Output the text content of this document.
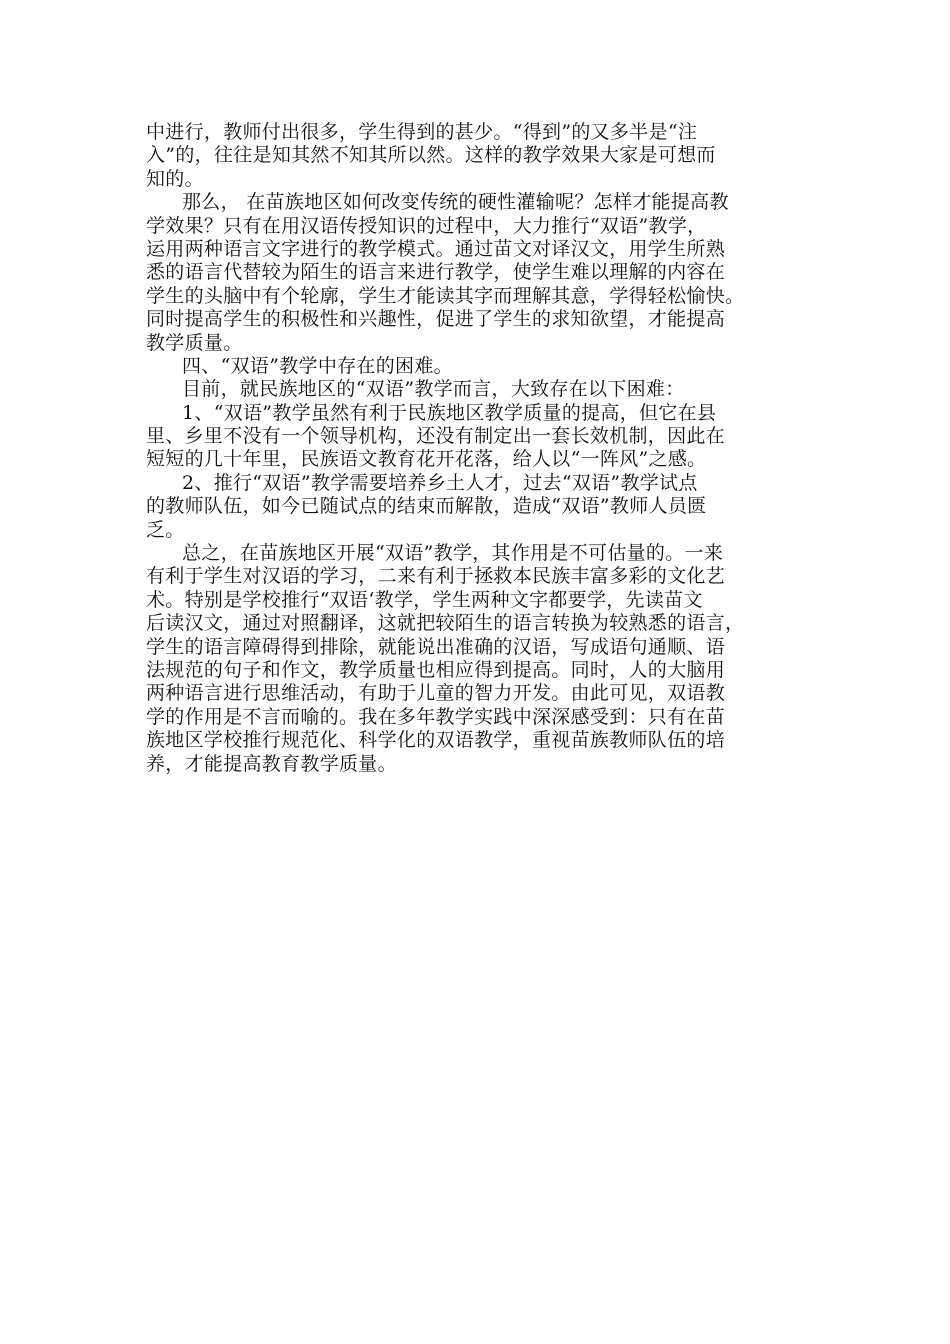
中进行，教师付出很多，学生得到的甚少。“得到”的又多半是“注
入”的，往往是知其然不知其所以然。这样的教学效果大家是可想而
知的。
那么， 在苗族地区如何改变传统的硬性灌输呢？怎样才能提高教
学效果？只有在用汉语传授知识的过程中，大力推行“双语”教学，
运用两种语言文字进行的教学模式。通过苗文对译汉文，用学生所熟
悉的语言代替较为陌生的语言来进行教学，使学生难以理解的内容在
学生的头脑中有个轮廓，学生才能读其字而理解其意，学得轻松愉快。
同时提高学生的积极性和兴趣性，促进了学生的求知欲望，才能提高
教学质量。
四、“双语”教学中存在的困难。
目前，就民族地区的“双语”教学而言，大致存在以下困难：
1、“双语”教学虽然有利于民族地区教学质量的提高，但它在县
里、乡里不没有一个领导机构，还没有制定出一套长效机制，因此在
短短的几十年里，民族语文教育花开花落，给人以“一阵风”之感。
2、推行“双语”教学需要培养乡土人才，过去“双语”教学试点
的教师队伍，如今已随试点的结束而解散，造成“双语”教师人员匮
乏。
总之，在苗族地区开展“双语”教学，其作用是不可估量的。一来
有利于学生对汉语的学习，二来有利于拯救本民族丰富多彩的文化艺
术。特别是学校推行“双语‘教学，学生两种文字都要学，先读苗文
后读汉文，通过对照翻译，这就把较陌生的语言转换为较熟悉的语言，
学生的语言障碍得到排除，就能说出准确的汉语，写成语句通顺、语
法规范的句子和作文，教学质量也相应得到提高。同时，人的大脑用
两种语言进行思维活动，有助于儿童的智力开发。由此可见，双语教
学的作用是不言而喻的。我在多年教学实践中深深感受到：只有在苗
族地区学校推行规范化、科学化的双语教学，重视苗族教师队伍的培
养，才能提高教育教学质量。
